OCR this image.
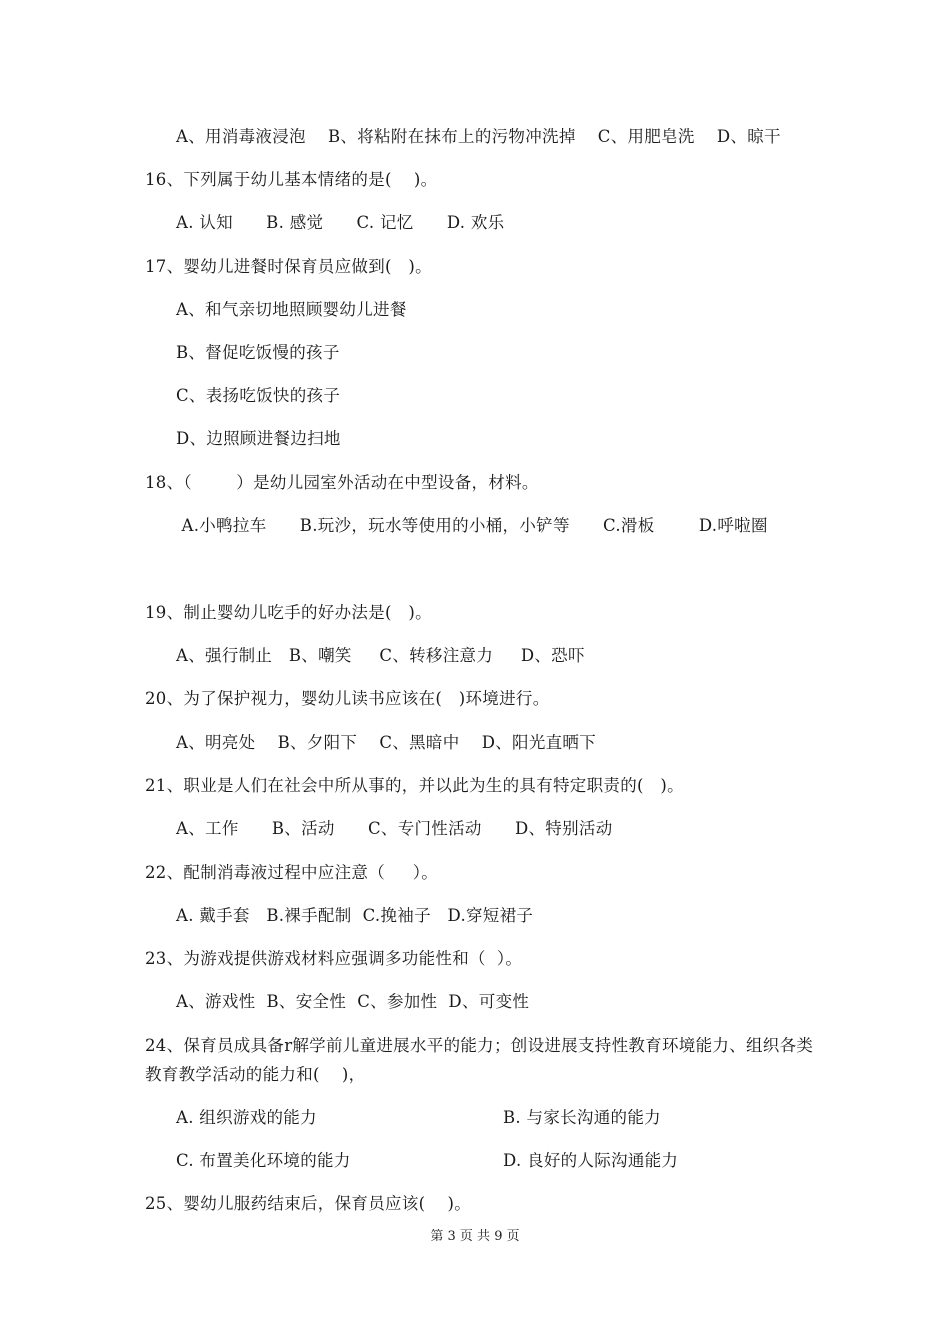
A、用消毒液浸泡    B、将粘附在抹布上的污物冲洗掉    C、用肥皂洗    D、晾干
16、下列属于幼儿基本情绪的是(    )。
A. 认知      B. 感觉      C. 记忆      D. 欢乐
17、婴幼儿进餐时保育员应做到(   )。
A、和气亲切地照顾婴幼儿进餐
B、督促吃饭慢的孩子
C、表扬吃饭快的孩子
D、边照顾进餐边扫地
18、（        ）是幼儿园室外活动在中型设备，材料。
A.小鸭拉车      B.玩沙，玩水等使用的小桶，小铲等      C.滑板        D.呼啦圈
19、制止婴幼儿吃手的好办法是(   )。
A、强行制止   B、嘲笑     C、转移注意力     D、恐吓
20、为了保护视力，婴幼儿读书应该在(   )环境进行。
A、明亮处    B、夕阳下    C、黑暗中    D、阳光直晒下
21、职业是人们在社会中所从事的，并以此为生的具有特定职责的(   )。
A、工作      B、活动      C、专门性活动      D、特别活动
22、配制消毒液过程中应注意（     ）。
A. 戴手套   B.裸手配制  C.挽袖子   D.穿短裙子
23、为游戏提供游戏材料应强调多功能性和（  ）。
A、游戏性  B、安全性  C、参加性  D、可变性
24、保育员成具备r解学前儿童进展水平的能力；创设进展支持性教育环境能力、组织各类
教育教学活动的能力和(    )，
A. 组织游戏的能力	B. 与家长沟通的能力
C. 布置美化环境的能力	D. 良好的人际沟通能力
25、婴幼儿服药结束后，保育员应该(    )。
第 3 页 共 9 页
